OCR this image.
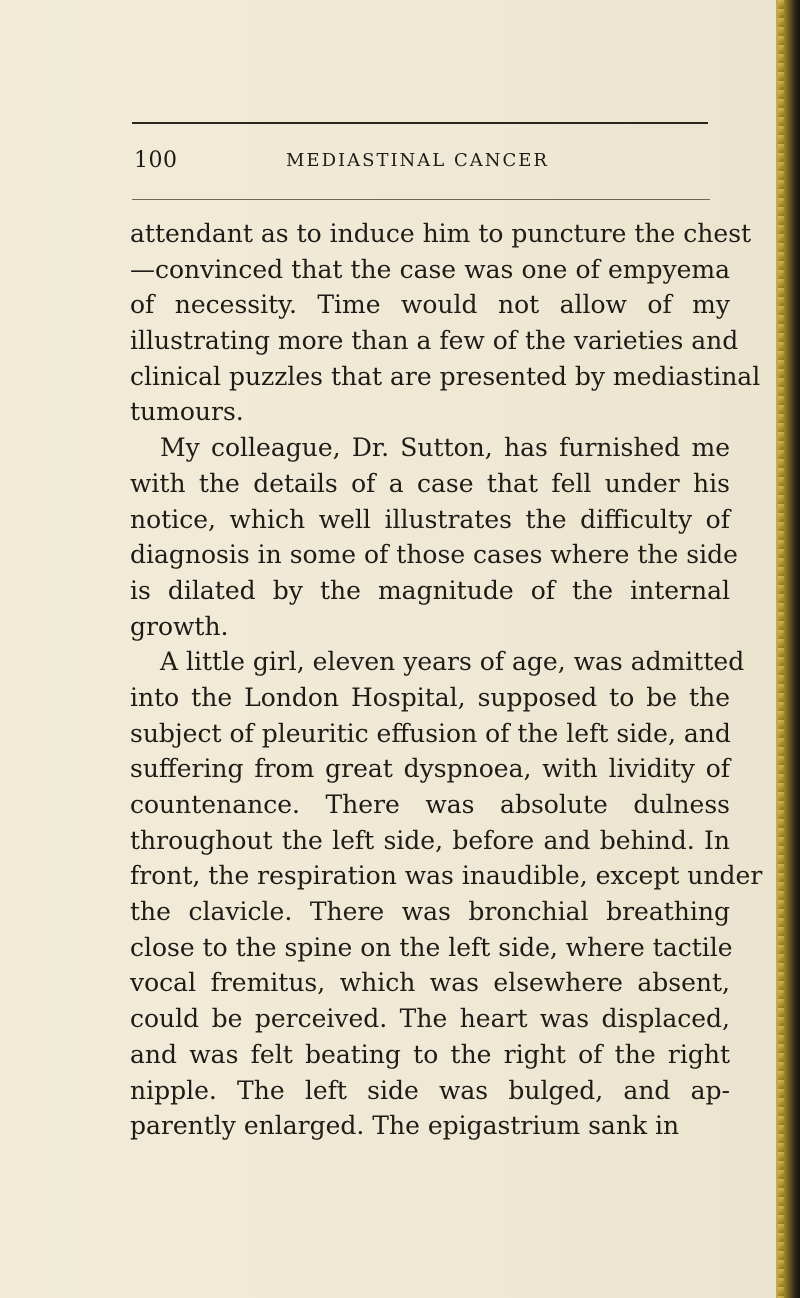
100	MEDIASTINAL CANCER
attendant as to induce him to puncture the chest
—convinced that the case was one of empyema
of necessity. Time would not allow of my
illustrating more than a few of the varieties and
clinical puzzles that are presented by mediastinal
tumours.
My colleague, Dr. Sutton, has furnished me
with the details of a case that fell under his
notice, which well illustrates the difficulty of
diagnosis in some of those cases where the side
is dilated by the magnitude of the internal
growth.
A little girl, eleven years of age, was admitted
into the London Hospital, supposed to be the
subject of pleuritic effusion of the left side, and
suffering from great dyspnoea, with lividity of
countenance. There was absolute dulness
throughout the left side, before and behind. In
front, the respiration was inaudible, except under
the clavicle. There was bronchial breathing
close to the spine on the left side, where tactile
vocal fremitus, which was elsewhere absent,
could be perceived. The heart was displaced,
and was felt beating to the right of the right
nipple. The left side was bulged, and ap-
parently enlarged. The epigastrium sank in
